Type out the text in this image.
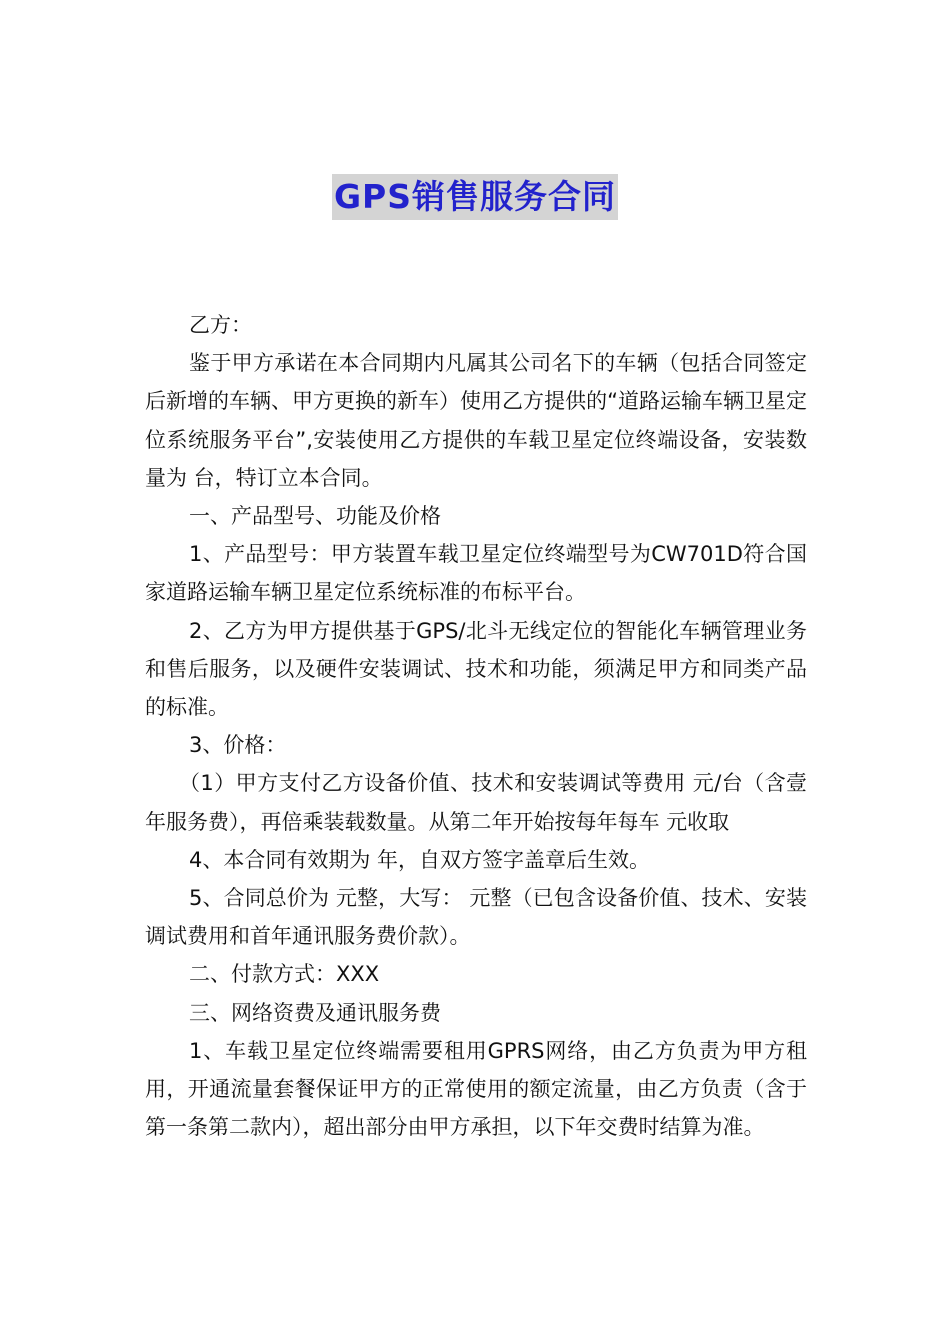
GPS销售服务合同

乙方：

鉴于甲方承诺在本合同期内凡属其公司名下的车辆（包括合同签定后新增的车辆、甲方更换的新车）使用乙方提供的“道路运输车辆卫星定位系统服务平台”,安装使用乙方提供的车载卫星定位终端设备，安装数量为 台，特订立本合同。

一、产品型号、功能及价格

1、产品型号：甲方装置车载卫星定位终端型号为CW701D符合国家道路运输车辆卫星定位系统标准的布标平台。

2、乙方为甲方提供基于GPS/北斗无线定位的智能化车辆管理业务和售后服务，以及硬件安装调试、技术和功能，须满足甲方和同类产品的标准。

3、价格：

（1）甲方支付乙方设备价值、技术和安装调试等费用 元/台（含壹年服务费），再倍乘装载数量。从第二年开始按每年每车 元收取

4、本合同有效期为 年，自双方签字盖章后生效。

5、合同总价为 元整，大写： 元整（已包含设备价值、技术、安装调试费用和首年通讯服务费价款）。

二、付款方式：XXX

三、网络资费及通讯服务费

1、车载卫星定位终端需要租用GPRS网络，由乙方负责为甲方租用，开通流量套餐保证甲方的正常使用的额定流量，由乙方负责（含于第一条第二款内），超出部分由甲方承担，以下年交费时结算为准。
